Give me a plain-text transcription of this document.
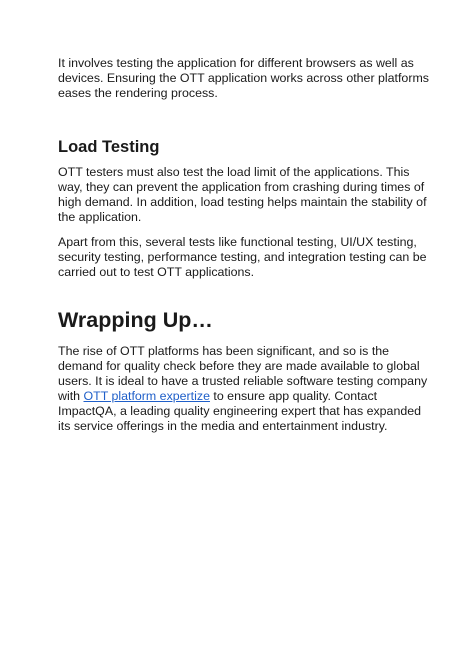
It involves testing the application for different browsers as well as devices. Ensuring the OTT application works across other platforms eases the rendering process.

Load Testing

OTT testers must also test the load limit of the applications. This way, they can prevent the application from crashing during times of high demand. In addition, load testing helps maintain the stability of the application.

Apart from this, several tests like functional testing, UI/UX testing, security testing, performance testing, and integration testing can be carried out to test OTT applications.

Wrapping Up…

The rise of OTT platforms has been significant, and so is the demand for quality check before they are made available to global users. It is ideal to have a trusted reliable software testing company with OTT platform expertize to ensure app quality. Contact ImpactQA, a leading quality engineering expert that has expanded its service offerings in the media and entertainment industry.
